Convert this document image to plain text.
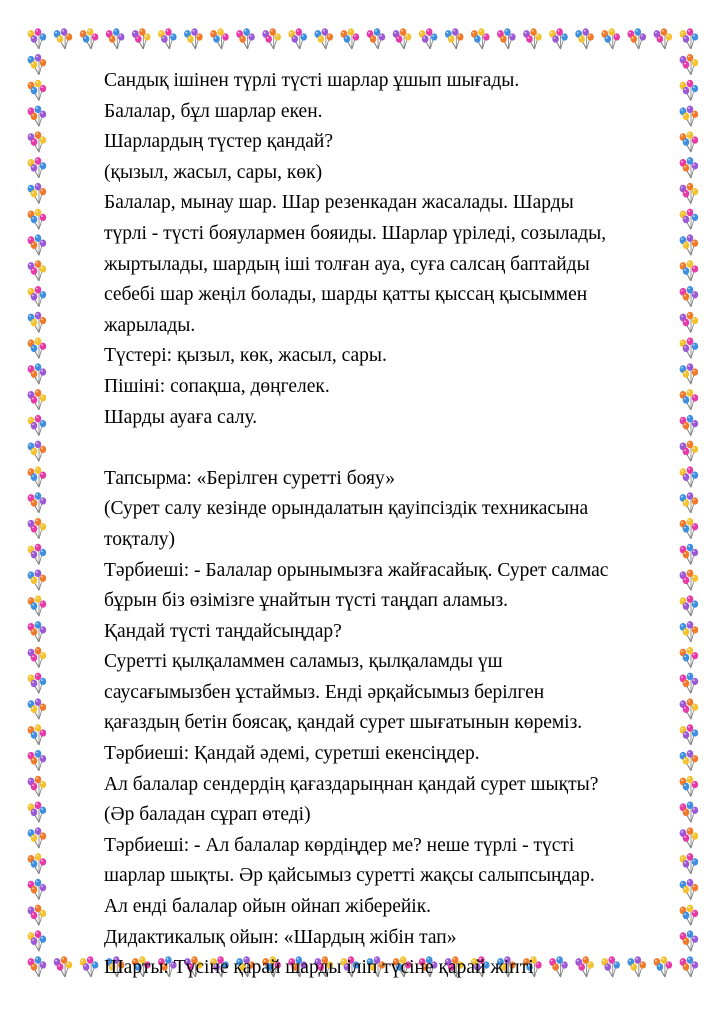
Сандық ішінен түрлі түсті шарлар ұшып шығады.
Балалар, бұл шарлар екен.
Шарлардың түстер қандай?
(қызыл, жасыл, сары, көк)
Балалар, мынау шар. Шар резенкадан жасалады. Шарды
түрлі - түсті бояулармен бояиды. Шарлар үріледі, созылады,
жыртылады, шардың іші толған ауа, суға салсаң баптайды
себебі шар жеңіл болады, шарды қатты қыссаң қысыммен
жарылады.
Түстері: қызыл, көк, жасыл, сары.
Пішіні: сопақша, дөңгелек.
Шарды ауаға салу.
Тапсырма: «Берілген суретті бояу»
(Сурет салу кезінде орындалатын қауіпсіздік техникасына
тоқталу)
Тәрбиеші: - Балалар орынымызға жайғасайық. Сурет салмас
бұрын біз өзімізге ұнайтын түсті таңдап аламыз.
Қандай түсті таңдайсыңдар?
Суретті қылқаламмен саламыз, қылқаламды үш
саусағымызбен ұстаймыз. Енді әрқайсымыз берілген
қағаздың бетін боясақ, қандай сурет шығатынын көреміз.
Тәрбиеші: Қандай әдемі, суретші екенсіңдер.
Ал балалар сендердің қағаздарыңнан қандай сурет шықты?
(Әр баладан сұрап өтеді)
Тәрбиеші: - Ал балалар көрдіңдер ме? неше түрлі - түсті
шарлар шықты. Әр қайсымыз суретті жақсы салыпсыңдар.
Ал енді балалар ойын ойнап жіберейік.
Дидактикалық ойын: «Шардың жібін тап»
Шарты: Түсіне қарай шарды іліп түсіне қарай жіпті
